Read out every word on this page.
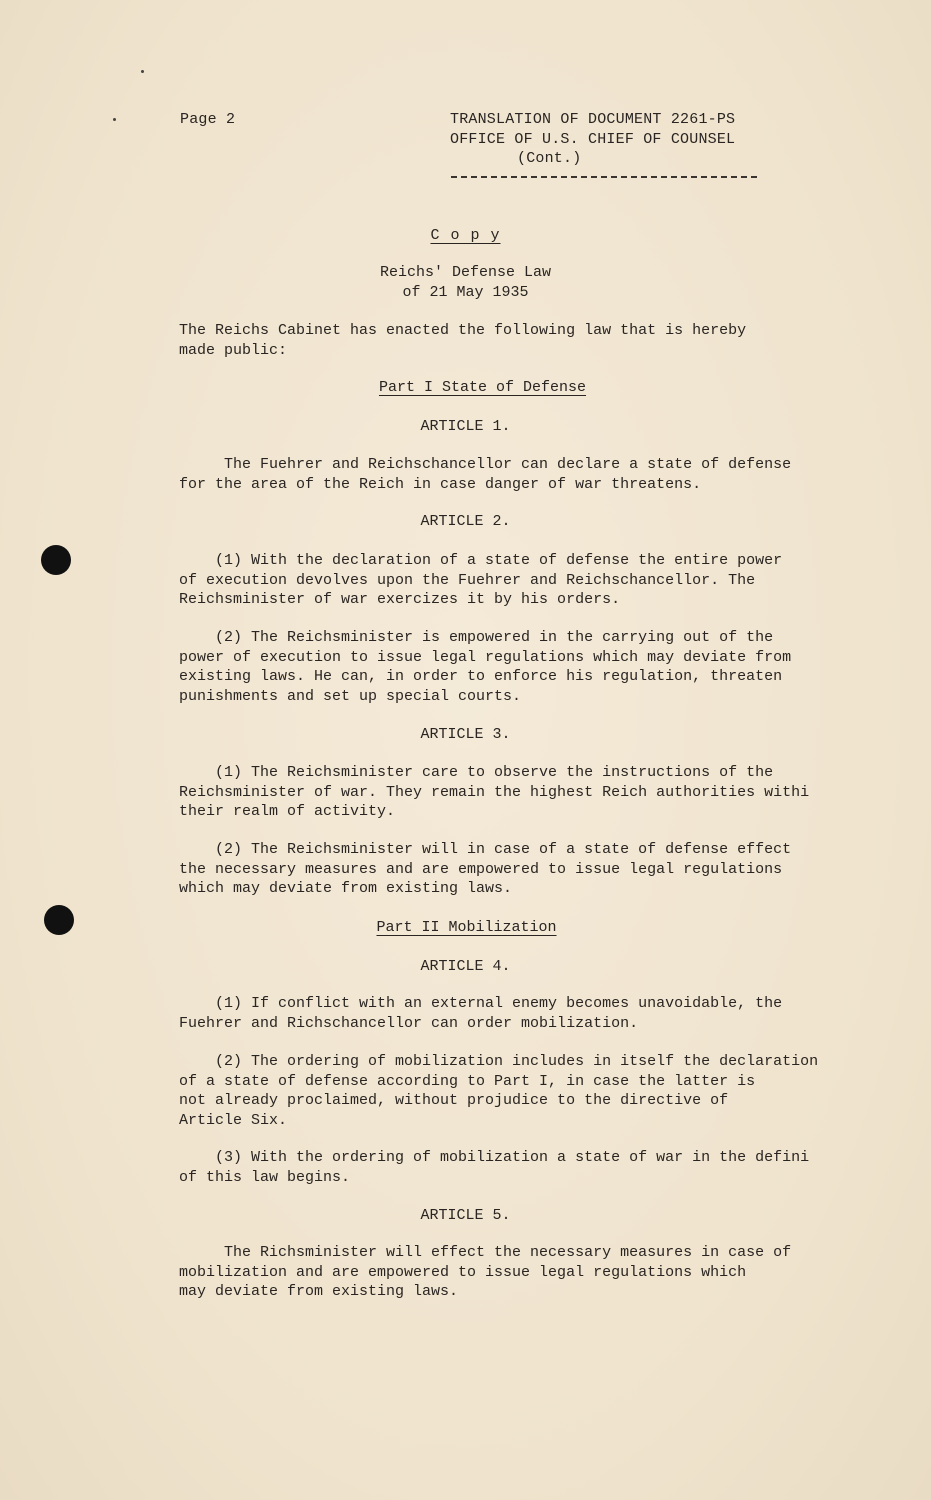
Page 2	TRANSLATION OF DOCUMENT 2261-PS
OFFICE OF U.S. CHIEF OF COUNSEL
(Cont.)
C o p y
Reichs' Defense Law
of 21 May 1935
The Reichs Cabinet has enacted the following law that is hereby
made public:
Part I State of Defense
ARTICLE 1.
The Fuehrer and Reichschancellor can declare a state of defense
for the area of the Reich in case danger of war threatens.
ARTICLE 2.
(1) With the declaration of a state of defense the entire power
of execution devolves upon the Fuehrer and Reichschancellor. The
Reichsminister of war exercizes it by his orders.
(2) The Reichsminister is empowered in the carrying out of the
power of execution to issue legal regulations which may deviate from
existing laws. He can, in order to enforce his regulation, threaten
punishments and set up special courts.
ARTICLE 3.
(1) The Reichsminister care to observe the instructions of the
Reichsminister of war. They remain the highest Reich authorities withi
their realm of activity.
(2) The Reichsminister will in case of a state of defense effect
the necessary measures and are empowered to issue legal regulations
which may deviate from existing laws.
Part II Mobilization
ARTICLE 4.
(1) If conflict with an external enemy becomes unavoidable, the
Fuehrer and Richschancellor can order mobilization.
(2) The ordering of mobilization includes in itself the declaration
of a state of defense according to Part I, in case the latter is
not already proclaimed, without projudice to the directive of
Article Six.
(3) With the ordering of mobilization a state of war in the defini
of this law begins.
ARTICLE 5.
The Richsminister will effect the necessary measures in case of
mobilization and are empowered to issue legal regulations which
may deviate from existing laws.
